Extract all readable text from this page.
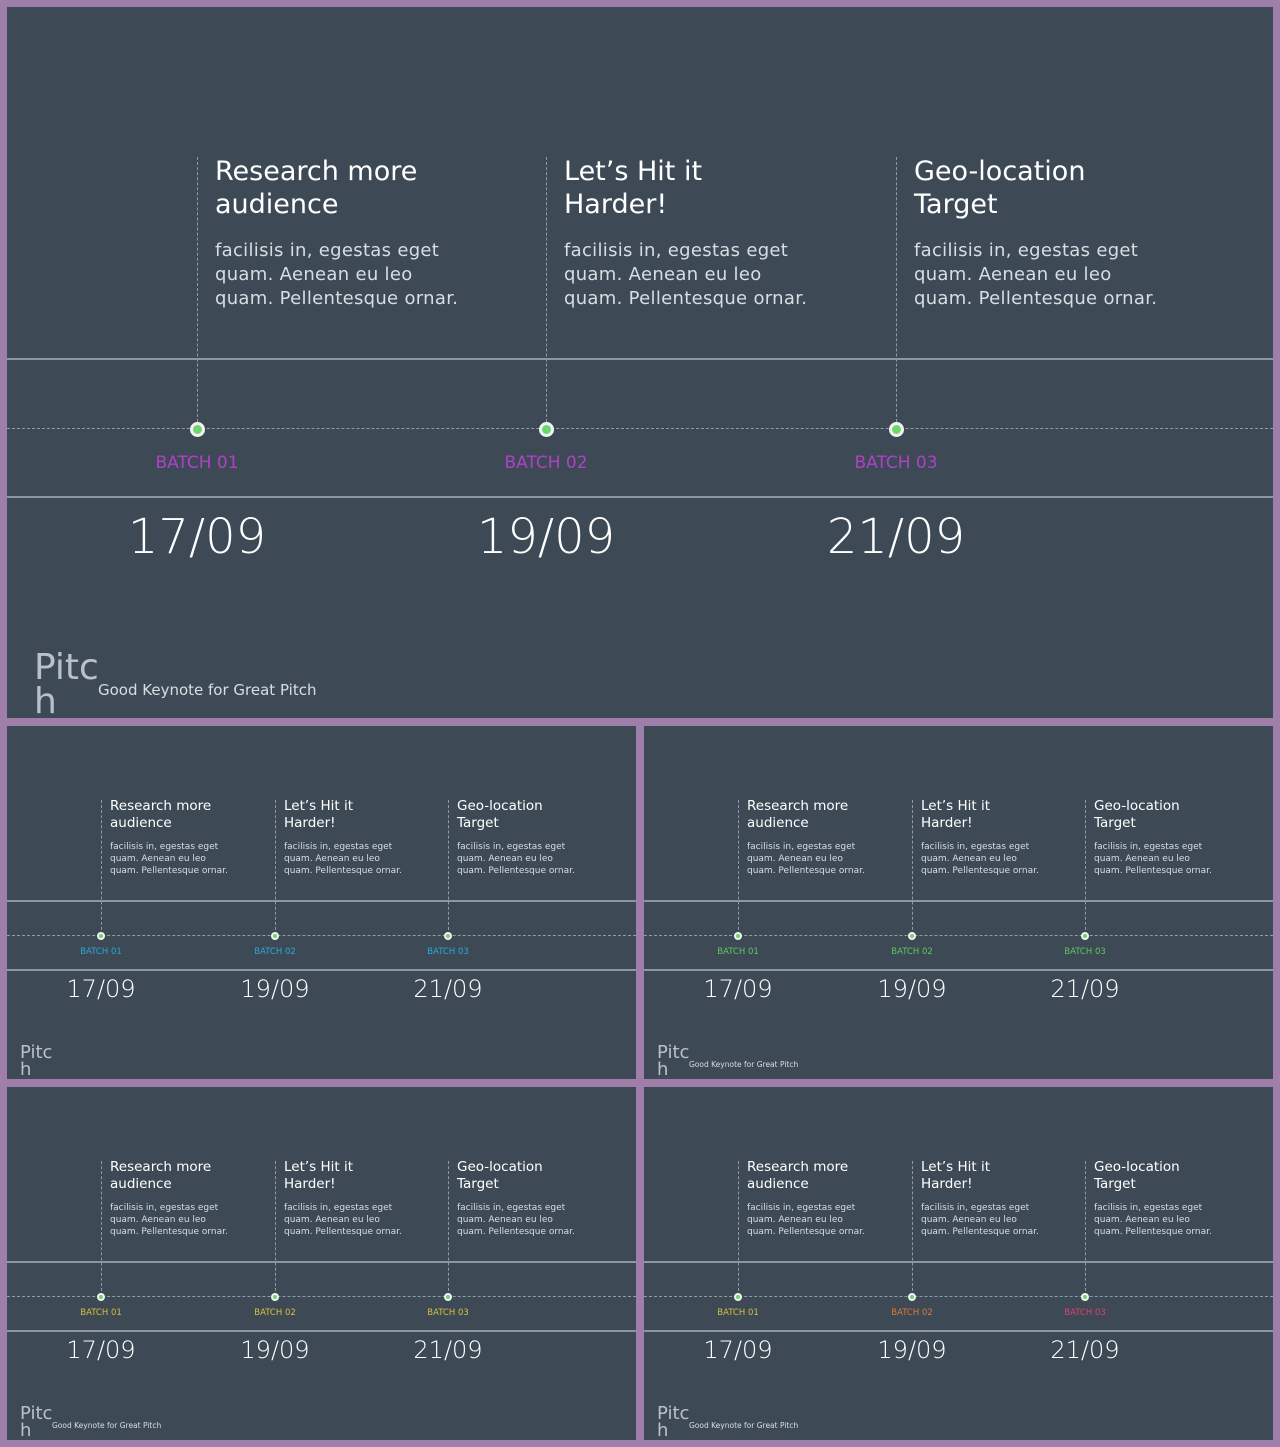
Research more
audience
facilisis in, egestas eget
quam. Aenean eu leo
quam. Pellentesque ornar.
BATCH 01
17/09
Let’s Hit it
Harder!
facilisis in, egestas eget
quam. Aenean eu leo
quam. Pellentesque ornar.
BATCH 02
19/09
Geo-location
Target
facilisis in, egestas eget
quam. Aenean eu leo
quam. Pellentesque ornar.
BATCH 03
21/09
Pitc
h	Good Keynote for Great Pitch
Research more
audience
facilisis in, egestas eget
quam. Aenean eu leo
quam. Pellentesque ornar.
BATCH 01
17/09
Let’s Hit it
Harder!
facilisis in, egestas eget
quam. Aenean eu leo
quam. Pellentesque ornar.
BATCH 02
19/09
Geo-location
Target
facilisis in, egestas eget
quam. Aenean eu leo
quam. Pellentesque ornar.
BATCH 03
21/09
Pitc
h
Research more
audience
facilisis in, egestas eget
quam. Aenean eu leo
quam. Pellentesque ornar.
BATCH 01
17/09
Let’s Hit it
Harder!
facilisis in, egestas eget
quam. Aenean eu leo
quam. Pellentesque ornar.
BATCH 02
19/09
Geo-location
Target
facilisis in, egestas eget
quam. Aenean eu leo
quam. Pellentesque ornar.
BATCH 03
21/09
Pitc
h	Good Keynote for Great Pitch
Research more
audience
facilisis in, egestas eget
quam. Aenean eu leo
quam. Pellentesque ornar.
BATCH 01
17/09
Let’s Hit it
Harder!
facilisis in, egestas eget
quam. Aenean eu leo
quam. Pellentesque ornar.
BATCH 02
19/09
Geo-location
Target
facilisis in, egestas eget
quam. Aenean eu leo
quam. Pellentesque ornar.
BATCH 03
21/09
Pitc
h	Good Keynote for Great Pitch
Research more
audience
facilisis in, egestas eget
quam. Aenean eu leo
quam. Pellentesque ornar.
BATCH 01
17/09
Let’s Hit it
Harder!
facilisis in, egestas eget
quam. Aenean eu leo
quam. Pellentesque ornar.
BATCH 02
19/09
Geo-location
Target
facilisis in, egestas eget
quam. Aenean eu leo
quam. Pellentesque ornar.
BATCH 03
21/09
Pitc
h	Good Keynote for Great Pitch
